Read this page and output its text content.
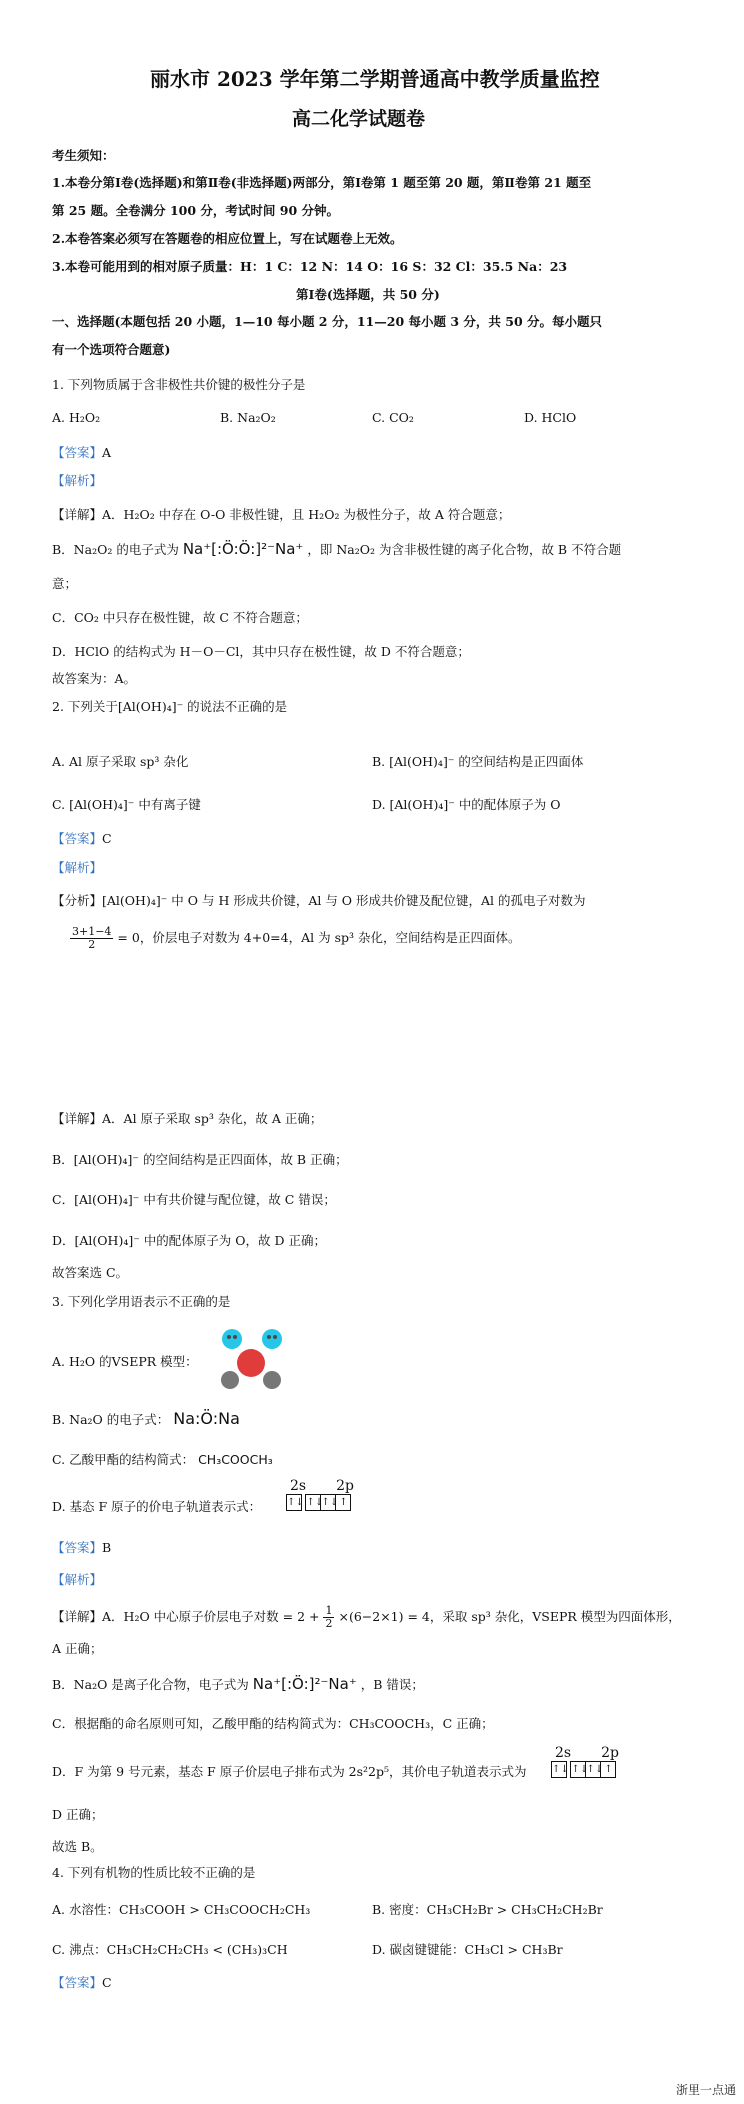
丽水市 2023 学年第二学期普通高中教学质量监控
高二化学试题卷
考生须知：
1.本卷分第Ⅰ卷(选择题)和第Ⅱ卷(非选择题)两部分，第Ⅰ卷第 1 题至第 20 题，第Ⅱ卷第 21 题至
第 25 题。全卷满分 100 分，考试时间 90 分钟。
2.本卷答案必须写在答题卷的相应位置上，写在试题卷上无效。
3.本卷可能用到的相对原子质量：H：1 C：12 N：14 O：16 S：32 Cl：35.5 Na：23
第Ⅰ卷(选择题，共 50 分)
一、选择题(本题包括 20 小题，1—10 每小题 2 分，11—20 每小题 3 分，共 50 分。每小题只
有一个选项符合题意)
1. 下列物质属于含非极性共价键的极性分子是
A. H₂O₂	B. Na₂O₂	C. CO₂	D. HClO
【答案】A
【解析】
【详解】A．H₂O₂ 中存在 O-O 非极性键，且 H₂O₂ 为极性分子，故 A 符合题意；
B．Na₂O₂ 的电子式为 Na⁺[:Ö:Ö:]²⁻Na⁺ ，即 Na₂O₂ 为含非极性键的离子化合物，故 B 不符合题
意；
C．CO₂ 中只存在极性键，故 C 不符合题意；
D．HClO 的结构式为 H－O－Cl，其中只存在极性键，故 D 不符合题意；
故答案为：A。
2. 下列关于[Al(OH)₄]⁻ 的说法不正确的是
A. Al 原子采取 sp³ 杂化	B. [Al(OH)₄]⁻ 的空间结构是正四面体
C. [Al(OH)₄]⁻ 中有离子键	D. [Al(OH)₄]⁻ 中的配体原子为 O
【答案】C
【解析】
【分析】[Al(OH)₄]⁻ 中 O 与 H 形成共价键，Al 与 O 形成共价键及配位键，Al 的孤电子对数为
$\frac{3+1-4}{2} = 0$，价层电子对数为 4+0=4，Al 为 sp³ 杂化，空间结构是正四面体。
【详解】A．Al 原子采取 sp³ 杂化，故 A 正确；
B．[Al(OH)₄]⁻ 的空间结构是正四面体，故 B 正确；
C．[Al(OH)₄]⁻ 中有共价键与配位键，故 C 错误；
D．[Al(OH)₄]⁻ 中的配体原子为 O，故 D 正确；
故答案选 C。
3. 下列化学用语表示不正确的是
A. H₂O 的VSEPR 模型：
B. Na₂O 的电子式： Na:Ö:Na
C. 乙酸甲酯的结构简式： CH₃COOCH₃
D. 基态 F 原子的价电子轨道表示式：
2s 2p
↑↓ ↑↓↑↓↑
【答案】B
【解析】
【详解】A．H₂O 中心原子价层电子对数 = $2 + \frac{1}{2} \times(6-2\times 1) = 4$，采取 sp³ 杂化，VSEPR 模型为四面体形，
A 正确；
B．Na₂O 是离子化合物，电子式为 Na⁺[:Ö:]²⁻Na⁺ ，B 错误；
C．根据酯的命名原则可知，乙酸甲酯的结构简式为：CH₃COOCH₃，C 正确；
D．F 为第 9 号元素，基态 F 原子价层电子排布式为 2s²2p⁵，其价电子轨道表示式为
2s 2p
↑↓ ↑↓↑↓↑
D 正确；
故选 B。
4. 下列有机物的性质比较不正确的是
A. 水溶性：CH₃COOH > CH₃COOCH₂CH₃	B. 密度：CH₃CH₂Br > CH₃CH₂CH₂Br
C. 沸点：CH₃CH₂CH₂CH₃ < (CH₃)₃CH	D. 碳卤键键能：CH₃Cl > CH₃Br
【答案】C
浙里一点通
